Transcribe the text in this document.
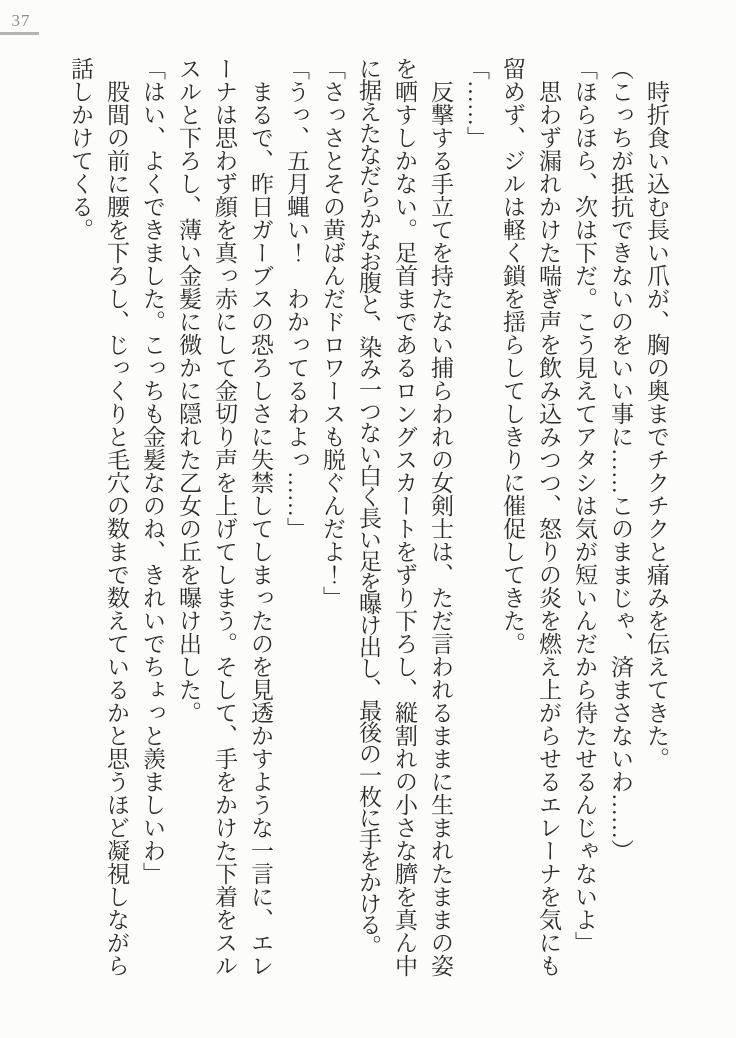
37
時折食い込む長い爪が、胸の奥までチクチクと痛みを伝えてきた。
（こっちが抵抗できないのをいい事に……このままじゃ、済まさないわ……）
「ほらほら、次は下だ。こう見えてアタシは気が短いんだから待たせるんじゃないよ」
思わず漏れかけた喘ぎ声を飲み込みつつ、怒りの炎を燃え上がらせるエレーナを気にも
留めず、ジルは軽く鎖を揺らしてしきりに催促してきた。
「……」
反撃する手立てを持たない捕らわれの女剣士は、ただ言われるままに生まれたままの姿
を晒すしかない。足首まであるロングスカートをずり下ろし、縦割れの小さな臍を真ん中
に据えたなだらかなお腹と、染み一つない白く長い足を曝け出し、最後の一枚に手をかける。
「さっさとその黄ばんだドロワースも脱ぐんだよ！」
「うっ、五月蝿い！　わかってるわよっ……」
まるで、昨日ガーブスの恐ろしさに失禁してしまったのを見透かすような一言に、エレ
ーナは思わず顔を真っ赤にして金切り声を上げてしまう。そして、手をかけた下着をスル
スルと下ろし、薄い金髪に微かに隠れた乙女の丘を曝け出した。
「はい、よくできました。こっちも金髪なのね、きれいでちょっと羨ましいわ」
股間の前に腰を下ろし、じっくりと毛穴の数まで数えているかと思うほど凝視しながら
話しかけてくる。
